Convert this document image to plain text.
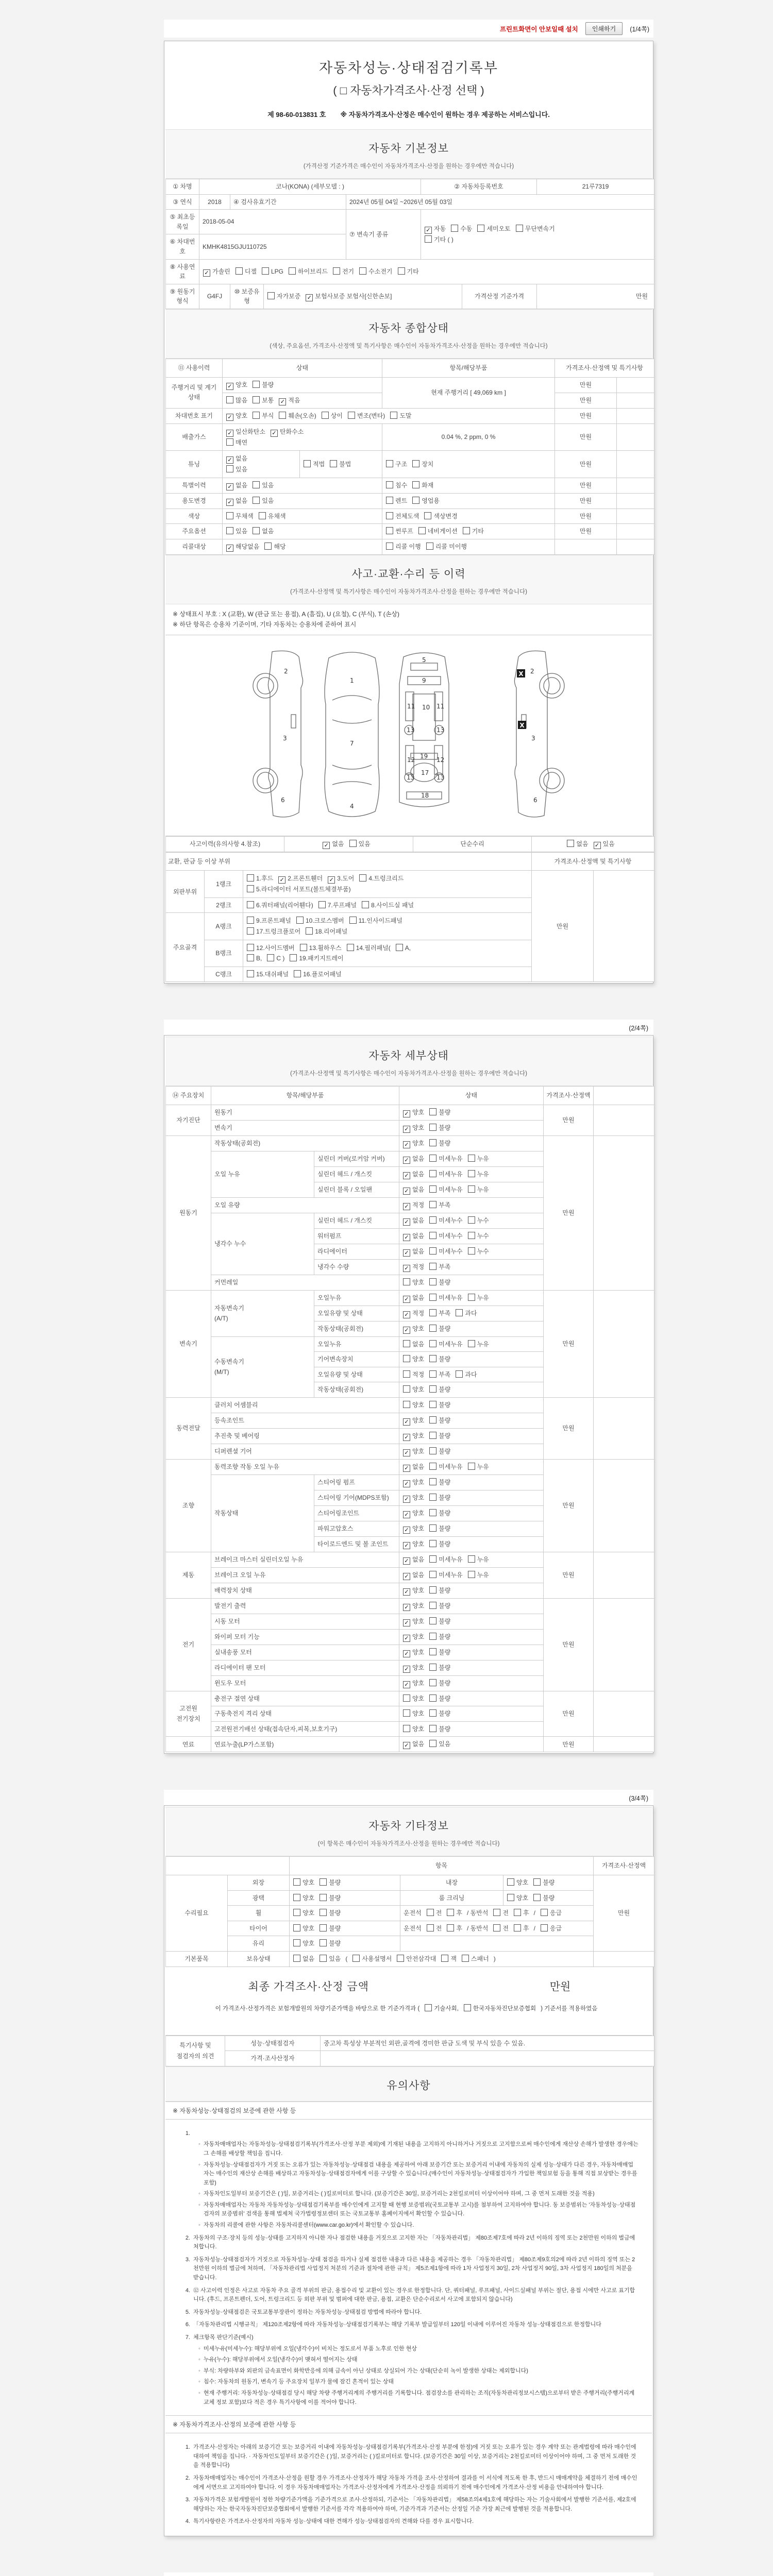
프린트화면이 안보일때 설치	인쇄하기	(1/4쪽)
자동차성능·상태점검기록부
( □ 자동차가격조사·산정 선택 )
제 98-60-013831 호 ※ 자동차가격조사·산정은 매수인이 원하는 경우 제공하는 서비스입니다.
자동차 기본정보
(가격산정 기준가격은 매수인이 자동차가격조사·산정을 원하는 경우에만 적습니다)
① 차명	코나(KONA) (세부모델 : )				② 자동차등록번호		21루7319
③ 연식	2018	④ 검사유효기간		2024년 05월 04일 ~2026년 05월 03일			
⑤ 최초등록일	2018-05-04			⑦ 변속기 종류	✓ 자동 수동 세미오토 무단변속기
기타 ( )		

⑥ 차대번호	KMHK4815GJU110725						
⑧ 사용연료	✓ 가솔린 디젤 LPG 하이브리드 전기 수소전기 기타						
⑨ 원동기형식	G4FJ	⑩ 보증유형	자가보증 ✓ 보험사보증 보험사[신한손보]			가격산정 기준가격	만원
자동차 종합상태
(색상, 주요옵션, 가격조사·산정액 및 특기사항은 매수인이 자동차가격조사·산정을 원하는 경우에만 적습니다)
⑪ 사용이력	상태		항목/해당부품	가격조사·산정액 및 특기사항	
주행거리 및 계기상태	✓ 양호 불량		현재 주행거리 [ 49,069 km ]	만원	
	많음 보통 ✓ 적음			만원	
차대번호 표기	✓ 양호 부식 훼손(오손) 상이 변조(변타) 도말			만원	
배출가스	✓ 일산화탄소 ✓ 탄화수소
매연		0.04 %, 2 ppm, 0 %	만원	
튜닝	✓ 없음
있음	적법 불법	구조 장치	만원	
특별이력	✓ 없음 있음		침수 화재	만원	
용도변경	✓ 없음 있음		렌트 영업용	만원	
색상	무채색 유채색		전체도색 색상변경	만원	
주요옵션	있음 없음		썬루프 네비게이션 기타	만원	
리콜대상	✓ 해당없음 해당		리콜 이행 리콜 미이행		
사고·교환·수리 등 이력
(가격조사·산정액 및 특기사항은 매수인이 자동차가격조사·산정을 원하는 경우에만 적습니다)
※ 상태표시 부호 : X (교환), W (판금 또는 용접), A (흠집), U (요철), C (부식), T (손상)
※ 하단 항목은 승용차 기준이며, 기타 자동차는 승용차에 준하여 표시
2
3
6
1
7
4
5
9
10
11	11
12	12
13	13
13	13
19
17
18
2
3
6
X
X
사고이력(유의사항 4.참조)	✓ 없음 있음	단순수리	없음 ✓ 있음
교환, 판금 등 이상 부위			가격조사·산정액 및 특기사항	
외판부위	1랭크	1.후드 ✓ 2.프론트휀더 ✓ 3.도어 4.트렁크리드
5.라디에이터 서포트(볼트체결부품)	만원	
	2랭크	6.쿼터패널(리어휀다) 7.루프패널 8.사이드실 패널		
주요골격	A랭크	9.프론트패널 10.크로스멤버 11.인사이드패널
17.트렁크플로어 18.리어패널		

	B랭크	12.사이드멤버 13.휠하우스 14.필러패널( A,
B, C ) 19.패키지트레이		

	C랭크	15.대쉬패널 16.플로어패널		
(2/4쪽)
자동차 세부상태
(가격조사·산정액 및 특기사항은 매수인이 자동차가격조사·산정을 원하는 경우에만 적습니다)
⑭ 주요장치	항목/해당부품		상태	가격조사·산정액	
자기진단	원동기		✓ 양호 불량	만원	
	변속기		✓ 양호 불량		
원동기	작동상태(공회전)		✓ 양호 불량	만원	
	오일 누유	실린더 커버(로커암 커버)	✓ 없음 미세누유 누유		
		실린더 헤드 / 개스킷	✓ 없음 미세누유 누유		
		실린더 블록 / 오일팬	✓ 없음 미세누유 누유		
	오일 유량		✓ 적정 부족		
	냉각수 누수	실린더 헤드 / 개스킷	✓ 없음 미세누수 누수		
		워터펌프	✓ 없음 미세누수 누수		
		라디에이터	✓ 없음 미세누수 누수		
		냉각수 수량	✓ 적정 부족		
	커먼레일		양호 불량		
변속기	자동변속기
(A/T)	오일누유	✓ 없음 미세누유 누유	만원	
		오일유량 및 상태	✓ 적정 부족 과다		
		작동상태(공회전)	✓ 양호 불량		

	수동변속기
(M/T)	오일누유	없음 미세누유 누유		
		기어변속장치	양호 불량		
		오일유량 및 상태	적정 부족 과다		
		작동상태(공회전)	양호 불량		
동력전달	클러치 어셈블리		양호 불량	만원	
	등속조인트		✓ 양호 불량		
	추진축 및 베어링		✓ 양호 불량		
	디퍼렌셜 기어		✓ 양호 불량		
조향	동력조향 작동 오일 누유		✓ 없음 미세누유 누유	만원	
	작동상태	스티어링 펌프	✓ 양호 불량		
		스티어링 기어(MDPS포함)	✓ 양호 불량		
		스티어링조인트	✓ 양호 불량		
		파워고압호스	✓ 양호 불량		
		타이로드엔드 및 볼 조인트	✓ 양호 불량		
제동	브레이크 마스터 실린더오일 누유		✓ 없음 미세누유 누유	만원	
	브레이크 오일 누유		✓ 없음 미세누유 누유		
	배력장치 상태		✓ 양호 불량		
전기	발전기 출력		✓ 양호 불량	만원	
	시동 모터		✓ 양호 불량		
	와이퍼 모터 기능		✓ 양호 불량		
	실내송풍 모터		✓ 양호 불량		
	라디에이터 팬 모터		✓ 양호 불량		
	윈도우 모터		✓ 양호 불량		

고전원
전기장치	충전구 절연 상태		양호 불량	만원	
	구동축전지 격리 상태		양호 불량		
	고전원전기배선 상태(접속단자,피복,보호기구)		양호 불량		
연료	연료누출(LP가스포함)		✓ 없음 있음	만원	
(3/4쪽)
자동차 기타정보
(이 항목은 매수인이 자동차가격조사·산정을 원하는 경우에만 적습니다)
		항목			가격조사·산정액
수리필요	외장	양호 불량	내장	양호 불량	만원
	광택	양호 불량	룸 크리닝	양호 불량	
	휠	양호 불량	운전석 전 후 / 동반석 전 후 / 응급		
	타이어	양호 불량	운전석 전 후 / 동반석 전 후 / 응급		
	유리	양호 불량			
기본품목	보유상태	없음 있음 ( 사용설명서 안전삼각대 잭 스패너 )			
최종 가격조사·산정 금액	만원
이 가격조사·산정가격은 보험개발원의 차량기준가액을 바탕으로 한 기준가격과 ( 기술사회, 한국자동차진단보증협회 ) 기준서를 적용하였음
특기사항 및
점검자의 의견	성능·상태점검자	중고차 특성상 부분적인 외판,골격에 경미한 판금 도색 및 부식 있을 수 있음.
	가격·조사산정자	
유의사항
※ 자동차성능·상태점검의 보증에 관한 사항 등
1.
◦ 자동차매매업자는 자동차성능·상태점검기록부(가격조사·산정 부분 제외)에 기재된 내용을 고지하지 아니하거나 거짓으로 고지함으로써 매수인에게 재산상 손해가 발생한 경우에는 그 손해를 배상할 책임을 집니다.
◦ 자동차성능·상태점검자가 거짓 또는 오류가 있는 자동차성능·상태점검 내용을 제공하여 아래 보증기간 또는 보증거리 이내에 자동차의 실제 성능·상태가 다른 경우, 자동차매매업자는 매수인의 재산상 손해를 배상하고 자동차성능·상태점검자에게 이를 구상할 수 있습니다.(매수인이 자동차성능·상태점검자가 가입한 책임보험 등을 통해 직접 보상받는 경우를 포함)
◦ 자동차인도일부터 보증기간은 ( )일, 보증거리는 ( )킬로미터로 합니다. (보증기간은 30일, 보증거리는 2천킬로미터 이상이어야 하며, 그 중 먼저 도래한 것을 적용)
◦ 자동차매매업자는 자동차 자동차성능·상태점검기록부를 매수인에게 고지할 때 현행 보증범위(국토교통부 고시)를 첨부하여 고지하여야 합니다. 동 보증범위는 '자동차성능·상태점검자의 보증범위' 검색을 통해 법제처 국가법령정보센터 또는 국토교통부 홈페이지에서 확인할 수 있습니다.
◦ 자동차의 리콜에 관한 사항은 자동차리콜센터(www.car.go.kr)에서 확인할 수 있습니다.
2. 자동차의 구조·장치 등의 성능·상태를 고지하지 아니한 자나 점검한 내용을 거짓으로 고지한 자는 「자동차관리법」 제80조제7호에 따라 2년 이하의 징역 또는 2천만원 이하의 벌금에 처합니다.
3. 자동차성능·상태점검자가 거짓으로 자동차성능·상태 점검을 하거나 실제 점검한 내용과 다른 내용을 제공하는 경우 「자동차관리법」 제80조제9호의2에 따라 2년 이하의 징역 또는 2천만원 이하의 벌금에 처하며, 「자동차관리법 사업정지 처분의 기준과 절차에 관한 규칙」 제5조제1항에 따라 1차 사업정지 30일, 2차 사업정지 90일, 3차 사업정지 180일의 처분을 받습니다.
4. ⑫ 사고이력 인정은 사고로 자동차 주요 골격 부위의 판금, 용접수리 및 교환이 있는 경우로 한정합니다. 단, 쿼터패널, 루프패널, 사이드실패널 부위는 절단, 용접 시에만 사고로 표기합니다. (후드, 프론트펜더, 도어, 트렁크리드 등 외판 부위 및 범퍼에 대한 판금, 용접, 교환은 단순수리로서 사고에 포함되지 않습니다)
5. 자동차성능·상태점검은 국토교통부장관이 정하는 자동차성능·상태점검 방법에 따라야 합니다.
6. 「자동차관리법 시행규칙」 제120조제2항에 따라 자동차성능·상태점검기록부는 해당 기록부 발급일부터 120일 이내에 이루어진 자동차 성능·상태점검으로 한정합니다
7. 체크항목 판단기준(예시)
◦ 미세누유(미세누수): 해당부위에 오일(냉각수)이 비치는 정도로서 부품 노후로 인한 현상
◦ 누유(누수): 해당부위에서 오일(냉각수)이 맺혀서 떨어지는 상태
◦ 부식: 차량하부와 외판의 금속표면이 화학반응에 의해 금속이 아닌 상태로 상실되어 가는 상태(단순히 녹이 발생한 상태는 제외합니다)
◦ 침수: 자동차의 원동기, 변속기 등 주요장치 일부가 물에 잠긴 흔적이 있는 상태
◦ 현재 주행거리: 자동차성능·상태점검 당시 해당 차량 주행거리계의 주행거리를 기록합니다. 점검장소를 관리하는 조직(자동차관리정보시스템)으로부터 받은 주행거리(주행거리계 교체 정보 포함)보다 적은 경우 특기사항에 이를 적어야 합니다.
※ 자동차가격조사·산정의 보증에 관한 사항 등
1. 가격조사·산정자는 아래의 보증기간 또는 보증거리 이내에 자동차성능·상태점검기록부(가격조사·산정 부분에 한정)에 거짓 또는 오류가 있는 경우 계약 또는 관계법령에 따라 매수인에 대하여 책임을 집니다. · 자동차인도일부터 보증기간은 ( )일, 보증거리는 ( )킬로미터로 합니다. (보증기간은 30일 이상, 보증거리는 2천킬로미터 이상이어야 하며, 그 중 먼저 도래한 것을 적용합니다)
2. 자동차매매업자는 매수인이 가격조사·산정을 원할 경우 가격조사·산정자가 해당 자동차 가격을 조사·산정하여 결과를 이 서식에 적도록 한 후, 반드시 매매계약을 체결하기 전에 매수인에게 서면으로 고지하여야 합니다. 이 경우 자동차매매업자는 가격조사·산정자에게 가격조사·산정을 의뢰하기 전에 매수인에게 가격조사·산정 비용을 안내하여야 합니다.
3. 자동차가격은 보험개발원이 정한 차량기준가액을 기준가격으로 조사·산정하되, 기준서는 「자동차관리법」 제58조의4제1호에 해당하는 자는 기술사회에서 발행한 기준서를, 제2호에 해당하는 자는 한국자동차진단보증협회에서 발행한 기준서를 각각 적용하여야 하며, 기준가격과 기준서는 산정일 기준 가장 최근에 발행된 것을 적용합니다.
4. 특기사항란은 가격조사·산정자의 자동차 성능·상태에 대한 견해가 성능·상태점검자의 견해와 다를 경우 표시합니다.
